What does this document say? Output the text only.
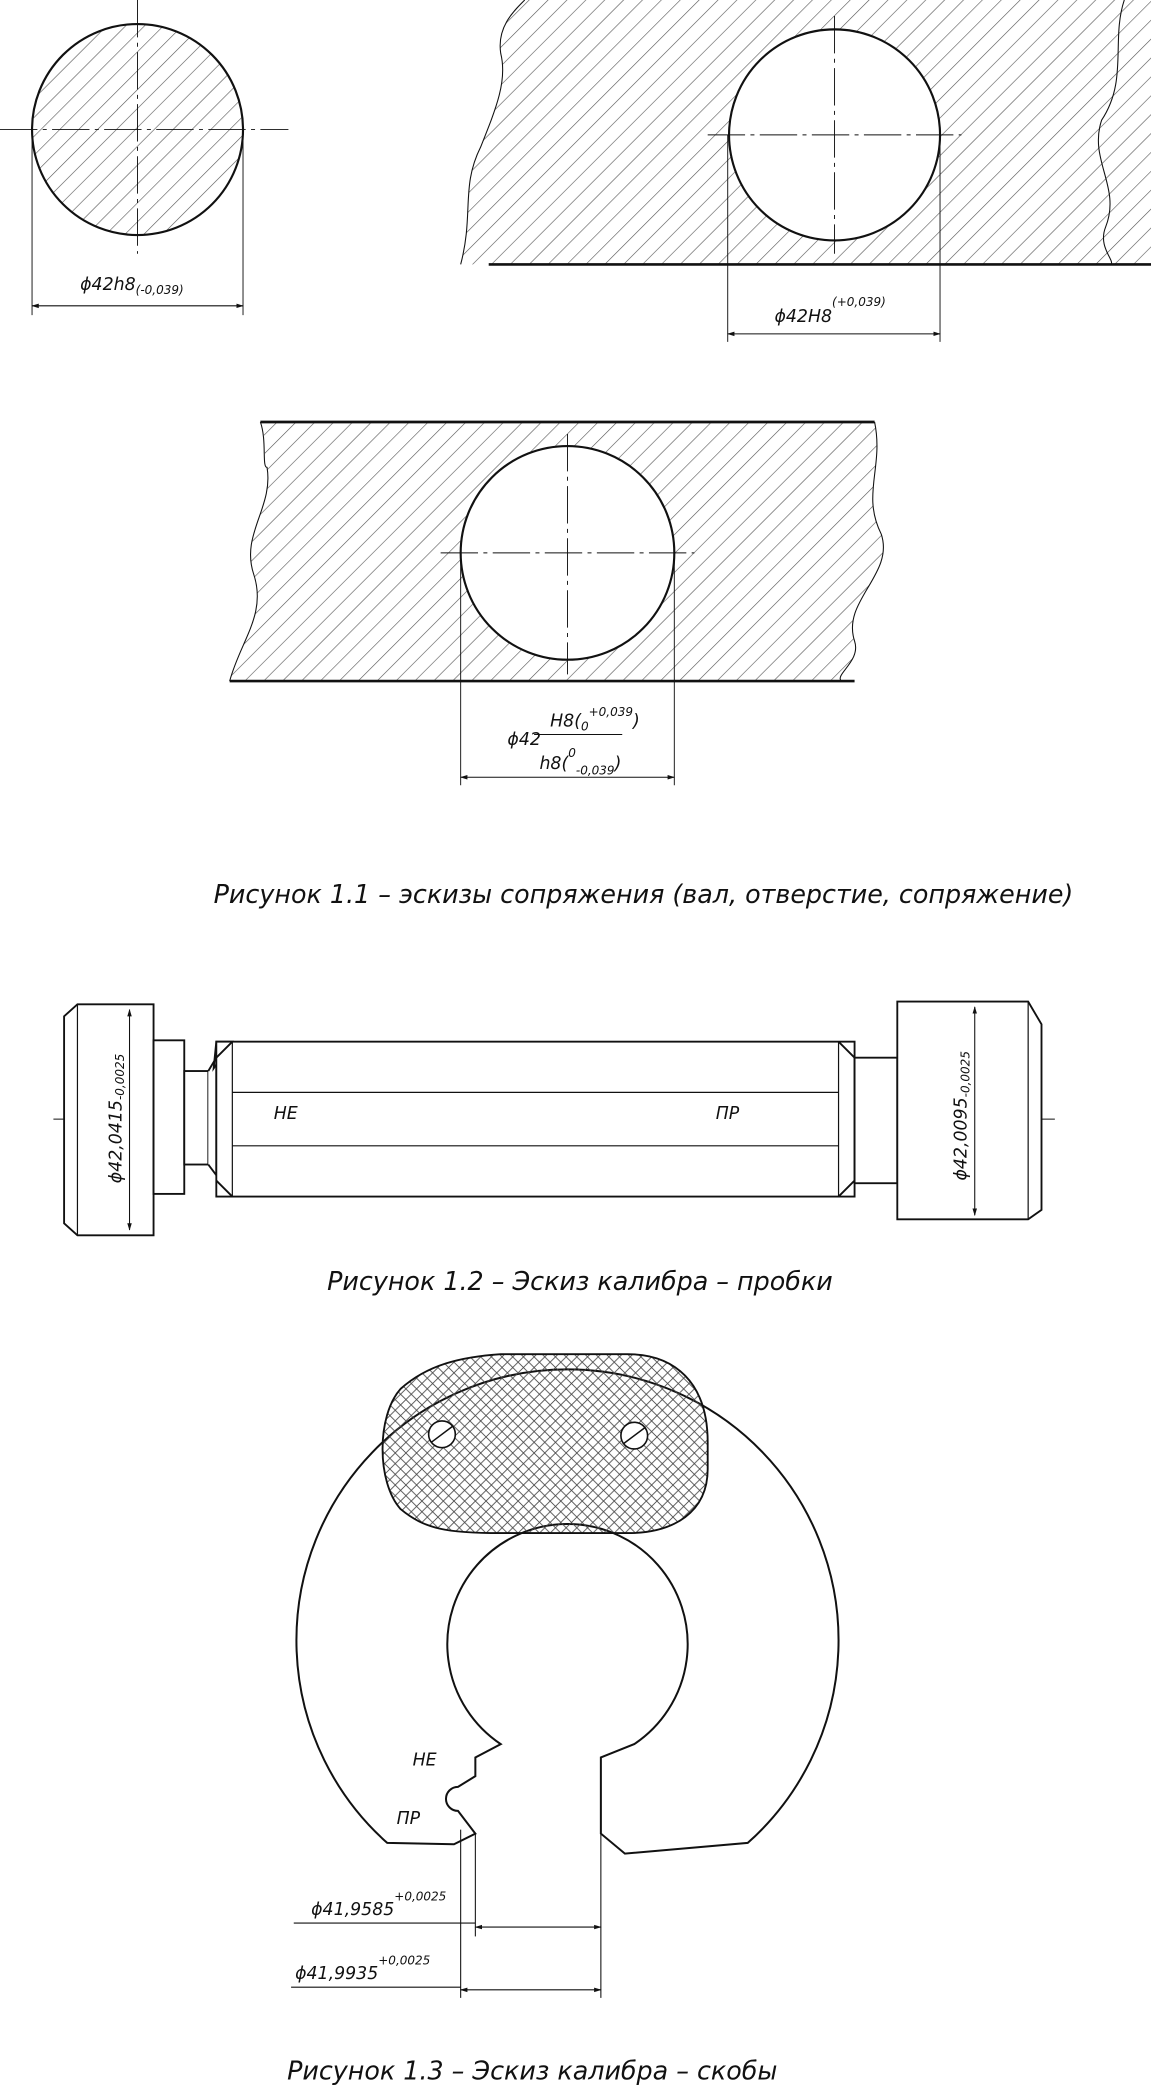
$\phi 42h8_{(-0,039)}$
$\phi 42H8^{(+0,039)}$
ϕ42
$H8(_0^{+0,039})$
h8($^0_{-0,039}$)
Рисунок 1.1 – эскизы сопряжения (вал, отверстие, сопряжение)
ϕ42,0415-0,0025
ϕ42,0095-0,0025
НЕ	ПР
Рисунок 1.2 – Эскиз калибра – пробки
НЕ
ПР
$\phi 41,9585^{+0,0025}$
$\phi 41,9935^{+0,0025}$
Рисунок 1.3 – Эскиз калибра – скобы
